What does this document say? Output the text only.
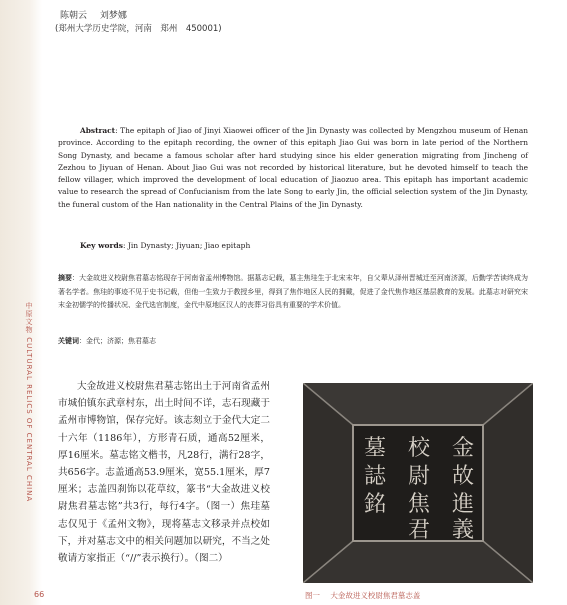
中原文物 CULTURAL RELICS OF CENTRAL CHINA
66
陈朝云 刘梦娜
(郑州大学历史学院，河南　郑州　450001)

Abstract: The epitaph of Jiao of Jinyi Xiaowei officer of the Jin Dynasty was collected by Mengzhou museum of Henan province. According to the epitaph recording, the owner of this epitaph Jiao Gui was born in late period of the Northern Song Dynasty, and became a famous scholar after hard studying since his elder generation migrating from Jincheng of Zezhou to Jiyuan of Henan. About Jiao Gui was not recorded by historical literature, but he devoted himself to teach the fellow villager, which improved the development of local education of Jiaozuo area. This epitaph has important academic value to research the spread of Confucianism from the late Song to early Jin, the official selection system of the Jin Dynasty, the funeral custom of the Han nationality in the Central Plains of the Jin Dynasty.

Key words: Jin Dynasty; Jiyuan; Jiao epitaph

摘要：大金故进义校尉焦君墓志铭现存于河南省孟州博物馆。据墓志记载，墓主焦珪生于北宋末年，自父辈从泽州晋城迁至河南济源，后勤学苦读终成为著名学者。焦珪的事迹不见于史书记载，但他一生致力于教授乡里，得到了焦作地区人民的拥戴，促进了金代焦作地区基层教育的发展。此墓志对研究宋末金初儒学的传播状况、金代选官制度，金代中原地区汉人的丧葬习俗具有重要的学术价值。

关键词：金代；济源；焦君墓志

大金故进义校尉焦君墓志铭出土于河南省孟州市城伯镇东武章村东，出土时间不详，志石现藏于孟州市博物馆，保存完好。该志刻立于金代大定二十六年（1186年），方形青石质，通高52厘米，厚16厘米。墓志铭文楷书，凡28行，满行28字，共656字。志盖通高53.9厘米，宽55.1厘米，厚7厘米；志盖四刹饰以花草纹，篆书“大金故进义校尉焦君墓志铭”共3行，每行4字。（图一）焦珪墓志仅见于《孟州文物》，现将墓志文移录并点校如下，并对墓志文中的相关问题加以研究，不当之处敬请方家指正（“//”表示换行）。（图二）

金
故
進
義
校
尉
焦
君
墓
誌
銘
图一 大金故进义校尉焦君墓志盖
